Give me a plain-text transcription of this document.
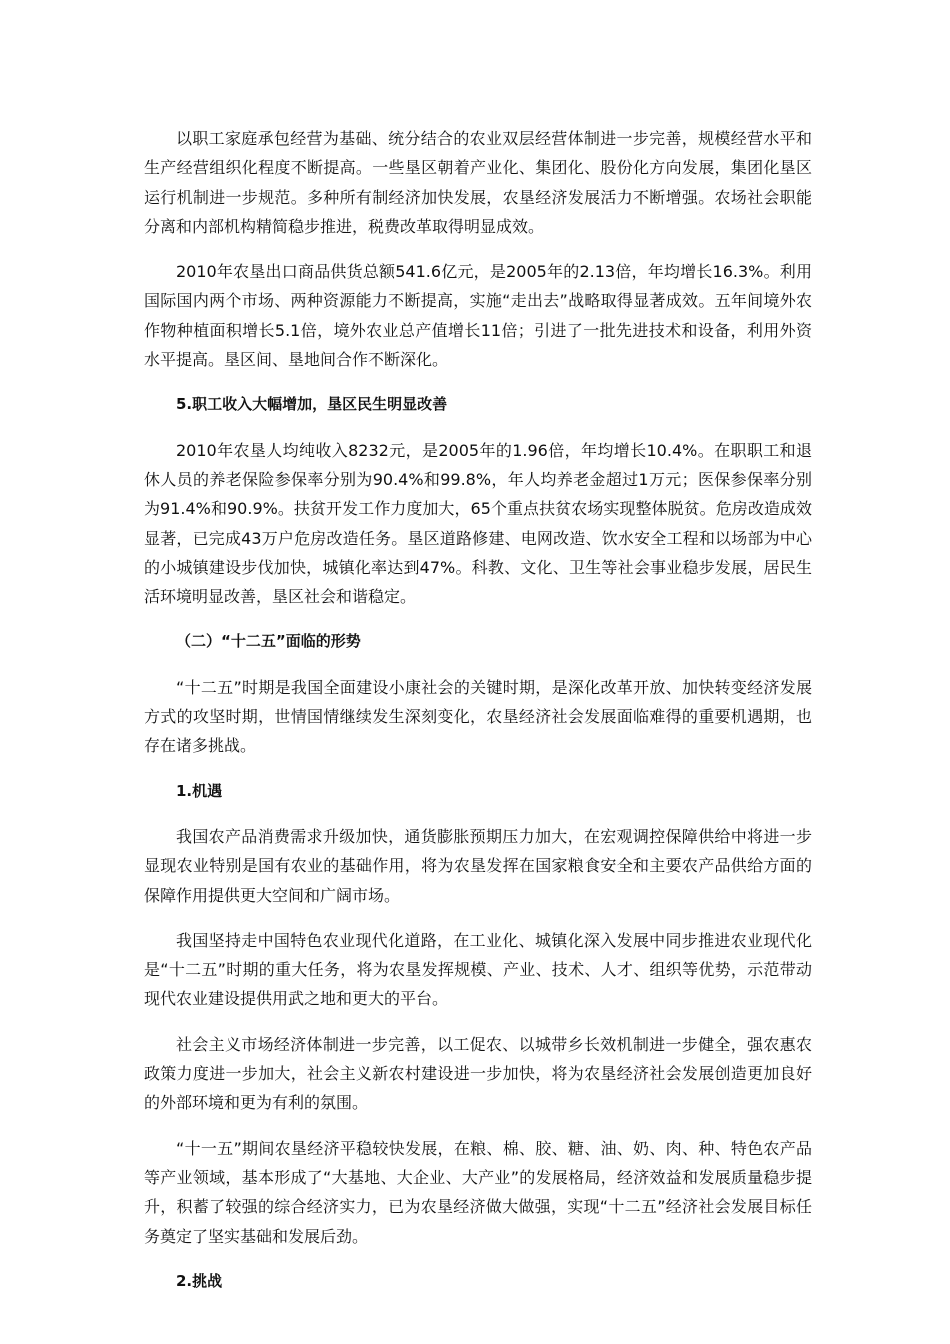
以职工家庭承包经营为基础、统分结合的农业双层经营体制进一步完善，规模经营水平和生产经营组织化程度不断提高。一些垦区朝着产业化、集团化、股份化方向发展，集团化垦区运行机制进一步规范。多种所有制经济加快发展，农垦经济发展活力不断增强。农场社会职能分离和内部机构精简稳步推进，税费改革取得明显成效。

2010年农垦出口商品供货总额541.6亿元，是2005年的2.13倍，年均增长16.3%。利用国际国内两个市场、两种资源能力不断提高，实施“走出去”战略取得显著成效。五年间境外农作物种植面积增长5.1倍，境外农业总产值增长11倍；引进了一批先进技术和设备，利用外资水平提高。垦区间、垦地间合作不断深化。

5.职工收入大幅增加，垦区民生明显改善

2010年农垦人均纯收入8232元，是2005年的1.96倍，年均增长10.4%。在职职工和退休人员的养老保险参保率分别为90.4%和99.8%，年人均养老金超过1万元；医保参保率分别为91.4%和90.9%。扶贫开发工作力度加大，65个重点扶贫农场实现整体脱贫。危房改造成效显著，已完成43万户危房改造任务。垦区道路修建、电网改造、饮水安全工程和以场部为中心的小城镇建设步伐加快，城镇化率达到47%。科教、文化、卫生等社会事业稳步发展，居民生活环境明显改善，垦区社会和谐稳定。

（二）“十二五”面临的形势

“十二五”时期是我国全面建设小康社会的关键时期，是深化改革开放、加快转变经济发展方式的攻坚时期，世情国情继续发生深刻变化，农垦经济社会发展面临难得的重要机遇期，也存在诸多挑战。

1.机遇

我国农产品消费需求升级加快，通货膨胀预期压力加大，在宏观调控保障供给中将进一步显现农业特别是国有农业的基础作用，将为农垦发挥在国家粮食安全和主要农产品供给方面的保障作用提供更大空间和广阔市场。

我国坚持走中国特色农业现代化道路，在工业化、城镇化深入发展中同步推进农业现代化是“十二五”时期的重大任务，将为农垦发挥规模、产业、技术、人才、组织等优势，示范带动现代农业建设提供用武之地和更大的平台。

社会主义市场经济体制进一步完善，以工促农、以城带乡长效机制进一步健全，强农惠农政策力度进一步加大，社会主义新农村建设进一步加快，将为农垦经济社会发展创造更加良好的外部环境和更为有利的氛围。

“十一五”期间农垦经济平稳较快发展，在粮、棉、胶、糖、油、奶、肉、种、特色农产品等产业领域，基本形成了“大基地、大企业、大产业”的发展格局，经济效益和发展质量稳步提升，积蓄了较强的综合经济实力，已为农垦经济做大做强，实现“十二五”经济社会发展目标任务奠定了坚实基础和发展后劲。

2.挑战
